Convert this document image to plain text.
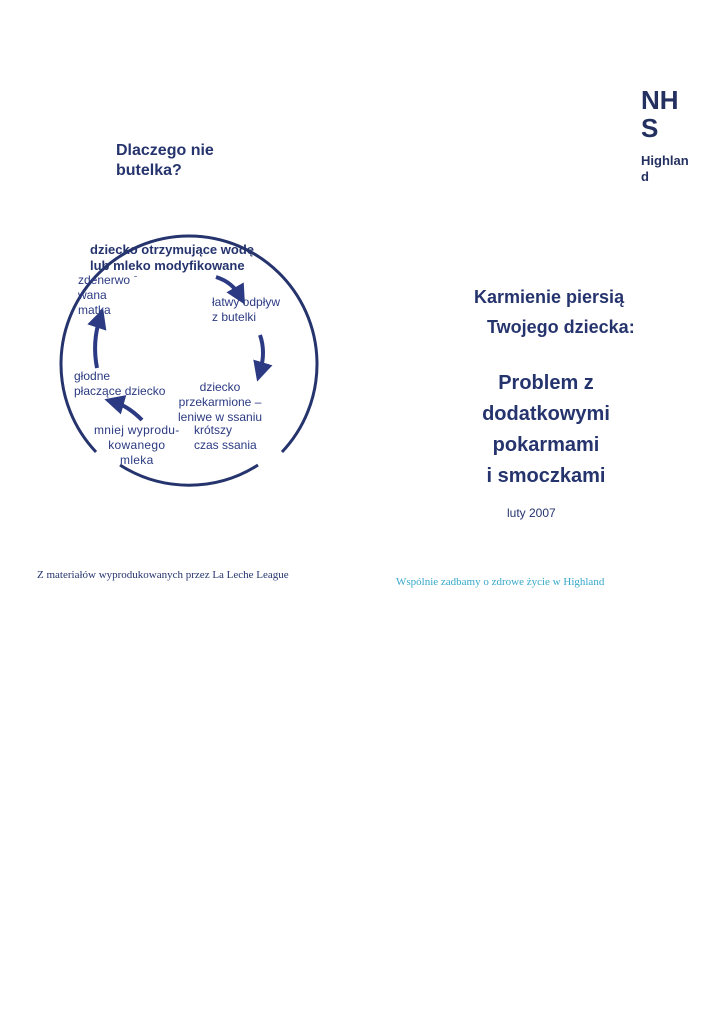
NH
S
Highlan
d
Dlaczego nie
butelka?
ˉ
dziecko otrzymujące wodę
lub mleko modyfikowane
zdenerwo
wana
matka
łatwy odpływ
z butelki
dziecko
przekarmione –
leniwe w ssaniu
krótszy
czas ssania
mniej wyprodu-
kowanego
mleka
głodne
płaczące dziecko
Karmienie piersią
Twojego dziecka:
Problem z
dodatkowymi
pokarmami
i smoczkami
luty 2007
Z materiałów wyprodukowanych przez La Leche League
Wspólnie zadbamy o zdrowe życie w Highland
